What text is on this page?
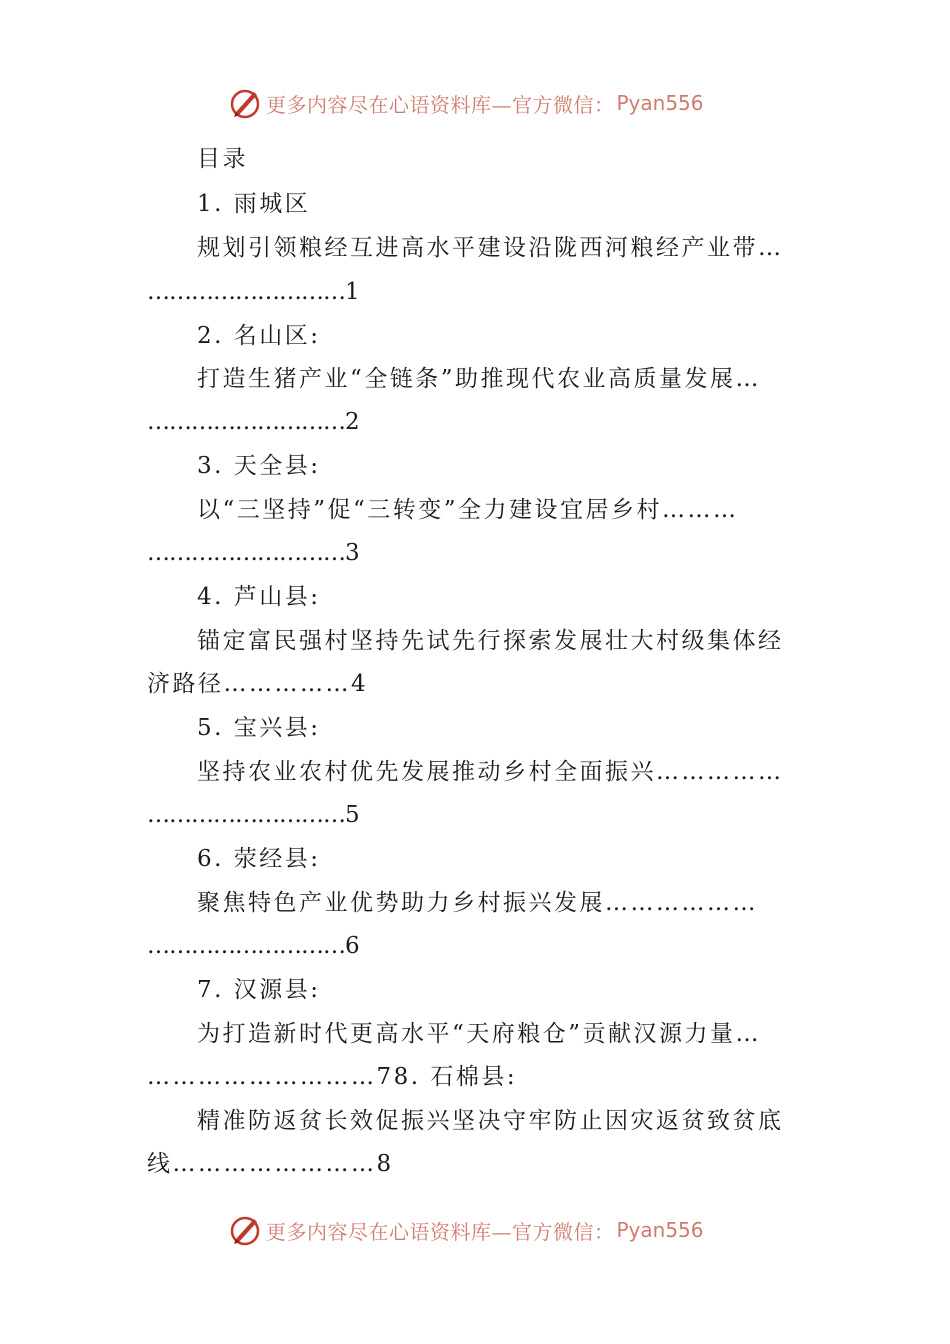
更多内容尽在心语资料库—官方微信： Pyan556
目录
1. 雨城区
规划引领粮经互进高水平建设沿陇西河粮经产业带…
………………………1
2. 名山区:
打造生猪产业“全链条”助推现代农业高质量发展…
………………………2
3. 天全县:
以“三坚持”促“三转变”全力建设宜居乡村………
………………………3
4. 芦山县:
锚定富民强村坚持先试先行探索发展壮大村级集体经
济路径……………4
5. 宝兴县:
坚持农业农村优先发展推动乡村全面振兴……………
………………………5
6. 荥经县:
聚焦特色产业优势助力乡村振兴发展………………
………………………6
7. 汉源县:
为打造新时代更高水平“天府粮仓”贡献汉源力量…
………………………78. 石棉县:
精准防返贫长效促振兴坚决守牢防止因灾返贫致贫底
线……………………8
更多内容尽在心语资料库—官方微信： Pyan556
